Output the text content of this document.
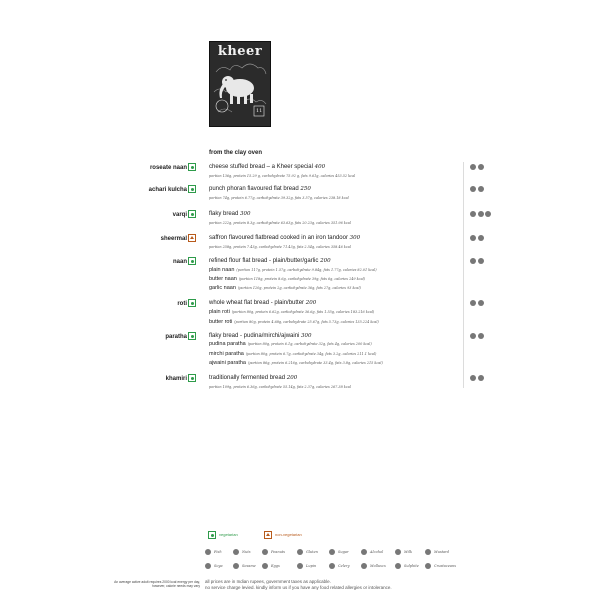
kheer
11
from the clay oven
roseate naan	cheese stuffed bread – a Kheer special 400
portion 136g, protein 15.29 g, carbohydrate 75.92 g, fats 9.61g, calories 453.52 kcal
achari kulcha	punch phoran flavoured flat bread 250
portion 74g, protein 6.77g, carbohydrate 39.32g, fats 3.57g, calories 238.18 kcal
varqi	flaky bread 300
portion 222g, protein 8.3g, carbohydrate 63.63g, fats 20.23g, calories 351.96 kcal
sheermal	saffron flavoured flatbread cooked in an iron tandoor 300
portion 258g, protein 7.43g, carbohydrate 71.43g, fats 2.54g, calories 358.46 kcal
naan	refined flour flat bread - plain/butter/garlic 200
plain naan (portion 117g, protein 1.57g, carbohydrate 9.84g, fats 1.77g, calories 82.01 kcal)
butter naan (portion 118g, protein 8.6g, carbohydrate 39g, fats 6g, calories 249 kcal)
garlic naan (portion 120g, protein 2g, carbohydrate 36g, fats 27g, calories 93 kcal)
roti	whole wheat flat bread - plain/butter 200
plain roti (portion 80g, protein 6.62g, carbohydrate 36.6g, fats 1.55g, calories 183.216 kcal)
butter roti (portion 80g, protein 4.68g, carbohydrate 25.67g, fats 5.73g, calories 135.224 kcal)
paratha	flaky bread - pudina/mirchi/ajwaini 300
pudina paratha (portion 80g, protein 6.1g, carbohydrate 32g, fats 4g, calories 200 kcal)
mirchi paratha (portion 80g, protein 6.7g, carbohydrate 34g, fats 3.2g, calories 211.1 kcal)
ajwaini paratha (portion 86g, protein 6.216g, carbohydrate 33.4g, fats 3.8g, calories 215 kcal)
khamiri	traditionally fermented bread 200
portion 109g, protein 6.36g, carbohydrate 55.14g, fats 2.37g, calories 267.38 kcal
vegetarian	non-vegetarian
Fish	Nuts	Peanuts	Gluten	Sugar	Alcohol	Milk	Mustard
Soya	Sesame	Eggs	Lupin	Celery	Molluscs	Sulphite	Crustaceans
An average active adult requires 2000 kcal energy per day, however, calorie needs may vary
all prices are in Indian rupees, government taxes as applicable.
no service charge levied. kindly inform us if you have any food related allergies or intolerance.
